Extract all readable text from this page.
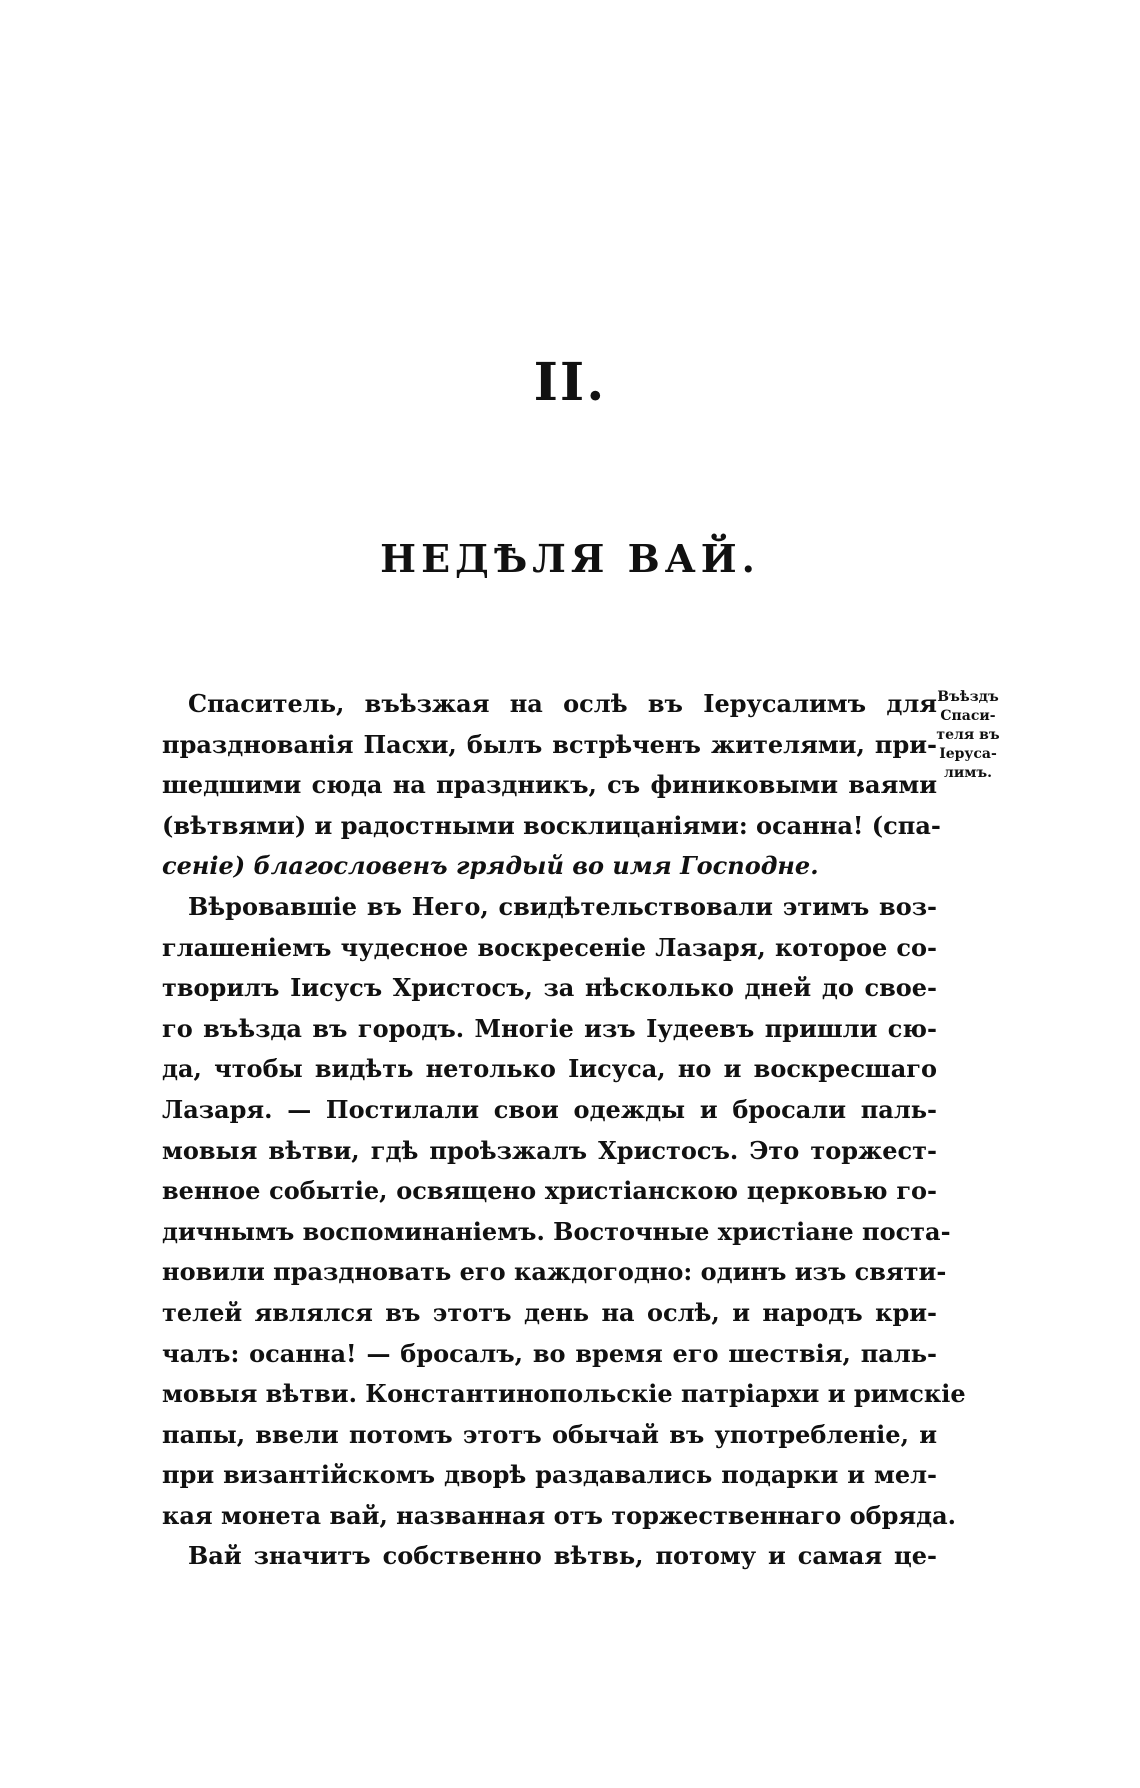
II.
НЕДѢЛЯ ВАЙ.
Въѣздъ
Спаси-
теля въ
Іеруса-
лимъ.
Спаситель, въѣзжая на ослѣ въ Іерусалимъ для
празднованія Пасхи, былъ встрѣченъ жителями, при-
шедшими сюда на праздникъ, съ финиковыми ваями
(вѣтвями) и радостными восклицаніями: осанна! (спа-
сеніе) благословенъ грядый во имя Господне.
Вѣровавшіе въ Него, свидѣтельствовали этимъ воз-
глашеніемъ чудесное воскресеніе Лазаря, которое со-
творилъ Іисусъ Христосъ, за нѣсколько дней до свое-
го въѣзда въ городъ. Многіе изъ Іудеевъ пришли сю-
да, чтобы видѣть нетолько Іисуса, но и воскресшаго
Лазаря. — Постилали свои одежды и бросали паль-
мовыя вѣтви, гдѣ проѣзжалъ Христосъ. Это торжест-
венное событіе, освящено христіанскою церковью го-
дичнымъ воспоминаніемъ. Восточные христіане поста-
новили праздновать его каждогодно: одинъ изъ святи-
телей являлся въ этотъ день на ослѣ, и народъ кри-
чалъ: осанна! — бросалъ, во время его шествія, паль-
мовыя вѣтви. Константинопольскіе патріархи и римскіе
папы, ввели потомъ этотъ обычай въ употребленіе, и
при византійскомъ дворѣ раздавались подарки и мел-
кая монета вай, названная отъ торжественнаго обряда.
Вай значитъ собственно вѣтвь, потому и самая це-
